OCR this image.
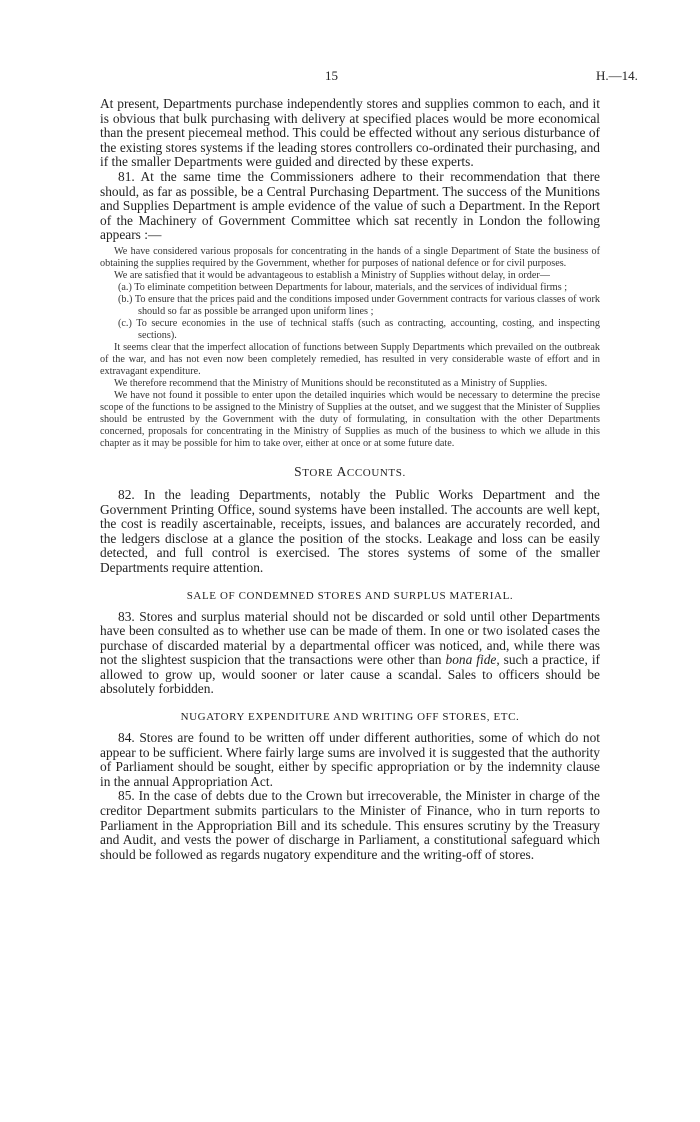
15	H.—14.

At present, Departments purchase independently stores and supplies common to each, and it is obvious that bulk purchasing with delivery at specified places would be more economical than the present piecemeal method. This could be effected without any serious disturbance of the existing stores systems if the leading stores controllers co-ordinated their purchasing, and if the smaller Departments were guided and directed by these experts.

81. At the same time the Commissioners adhere to their recommendation that there should, as far as possible, be a Central Purchasing Department. The success of the Munitions and Supplies Department is ample evidence of the value of such a Department. In the Report of the Machinery of Government Committee which sat recently in London the following appears :—

We have considered various proposals for concentrating in the hands of a single Department of State the business of obtaining the supplies required by the Government, whether for purposes of national defence or for civil purposes.

We are satisfied that it would be advantageous to establish a Ministry of Supplies without delay, in order—

(a.) To eliminate competition between Departments for labour, materials, and the services of individual firms ;

(b.) To ensure that the prices paid and the conditions imposed under Government contracts for various classes of work should so far as possible be arranged upon uniform lines ;

(c.) To secure economies in the use of technical staffs (such as contracting, accounting, costing, and inspecting sections).

It seems clear that the imperfect allocation of functions between Supply Departments which prevailed on the outbreak of the war, and has not even now been completely remedied, has resulted in very considerable waste of effort and in extravagant expenditure.

We therefore recommend that the Ministry of Munitions should be reconstituted as a Ministry of Supplies.

We have not found it possible to enter upon the detailed inquiries which would be necessary to determine the precise scope of the functions to be assigned to the Ministry of Supplies at the outset, and we suggest that the Minister of Supplies should be entrusted by the Government with the duty of formulating, in consultation with the other Departments concerned, proposals for concentrating in the Ministry of Supplies as much of the business to which we allude in this chapter as it may be possible for him to take over, either at once or at some future date.

STORE ACCOUNTS.

82. In the leading Departments, notably the Public Works Department and the Government Printing Office, sound systems have been installed. The accounts are well kept, the cost is readily ascertainable, receipts, issues, and balances are accurately recorded, and the ledgers disclose at a glance the position of the stocks. Leakage and loss can be easily detected, and full control is exercised. The stores systems of some of the smaller Departments require attention.

SALE OF CONDEMNED STORES AND SURPLUS MATERIAL.

83. Stores and surplus material should not be discarded or sold until other Departments have been consulted as to whether use can be made of them. In one or two isolated cases the purchase of discarded material by a departmental officer was noticed, and, while there was not the slightest suspicion that the transactions were other than bona fide, such a practice, if allowed to grow up, would sooner or later cause a scandal. Sales to officers should be absolutely forbidden.

NUGATORY EXPENDITURE AND WRITING OFF STORES, ETC.

84. Stores are found to be written off under different authorities, some of which do not appear to be sufficient. Where fairly large sums are involved it is suggested that the authority of Parliament should be sought, either by specific appropriation or by the indemnity clause in the annual Appropriation Act.

85. In the case of debts due to the Crown but irrecoverable, the Minister in charge of the creditor Department submits particulars to the Minister of Finance, who in turn reports to Parliament in the Appropriation Bill and its schedule. This ensures scrutiny by the Treasury and Audit, and vests the power of discharge in Parliament, a constitutional safeguard which should be followed as regards nugatory expenditure and the writing-off of stores.
